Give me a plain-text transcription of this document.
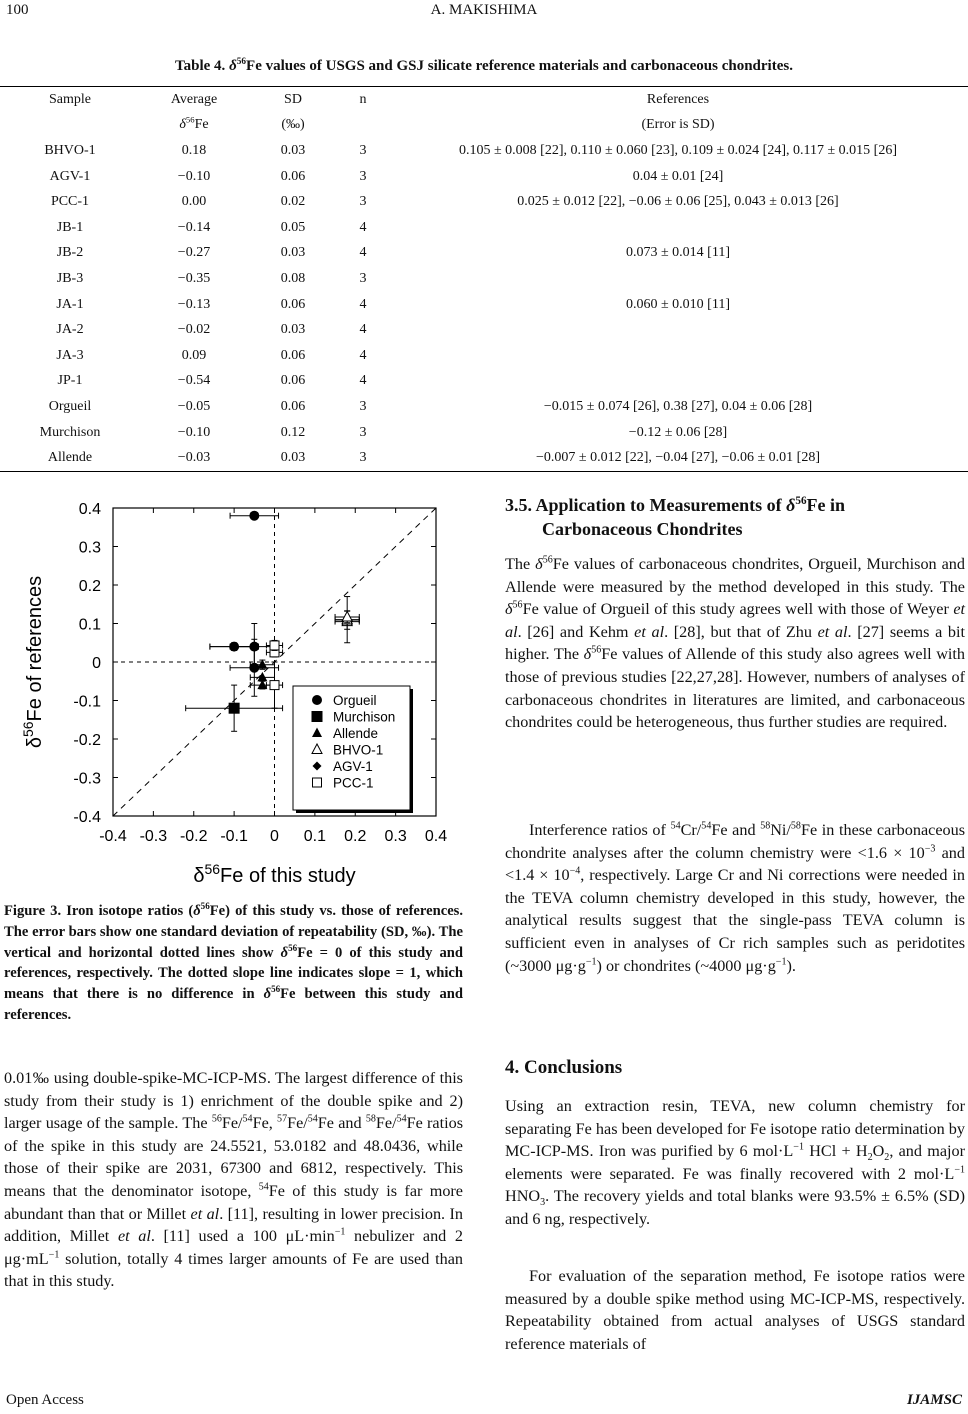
100	A. MAKISHIMA
Table 4. $\delta^{56}Fe$ values of USGS and GSJ silicate reference materials and carbonaceous chondrites.
Sample	Average	SD	n	References
	$\delta^{56}Fe$	(‰)		(Error is SD)
BHVO-1	0.18	0.03	3	0.105 ± 0.008 [22], 0.110 ± 0.060 [23], 0.109 ± 0.024 [24], 0.117 ± 0.015 [26]
AGV-1	−0.10	0.06	3	0.04 ± 0.01 [24]
PCC-1	0.00	0.02	3	0.025 ± 0.012 [22], −0.06 ± 0.06 [25], 0.043 ± 0.013 [26]
JB-1	−0.14	0.05	4	
JB-2	−0.27	0.03	4	0.073 ± 0.014 [11]
JB-3	−0.35	0.08	3	
JA-1	−0.13	0.06	4	0.060 ± 0.010 [11]
JA-2	−0.02	0.03	4	
JA-3	0.09	0.06	4	
JP-1	−0.54	0.06	4	
Orgueil	−0.05	0.06	3	−0.015 ± 0.074 [26], 0.38 [27], 0.04 ± 0.06 [28]
Murchison	−0.10	0.12	3	−0.12 ± 0.06 [28]
Allende	−0.03	0.03	3	−0.007 ± 0.012 [22], −0.04 [27], −0.06 ± 0.01 [28]
-0.4 -0.3 -0.2 -0.1 0 0.1 0.2 0.3 0.4
0.4
0.3
0.2
0.1
0
-0.1
-0.2
-0.3
-0.4
Orgueil
Murchison
Allende
BHVO-1
AGV-1
PCC-1
$\delta^{56}Fe$ of this study
$\delta^{56}Fe$ of references
Figure 3. Iron isotope ratios $(\delta^{56}Fe)$ of this study vs. those of references. The error bars show one standard deviation of repeatability (SD, ‰). The vertical and horizontal dotted lines show $\delta^{56}Fe = 0$ of this study and references, respectively. The dotted slope line indicates slope = 1, which means that there is no difference in $\delta^{56}Fe$ between this study and references.
0.01‰ using double-spike-MC-ICP-MS. The largest difference of this study from their study is 1) enrichment of the double spike and 2) larger usage of the sample. The $^{56}$Fe/$^{54}$Fe, $^{57}$Fe/$^{54}$Fe and $^{58}$Fe/$^{54}$Fe ratios of the spike in this study are 24.5521, 53.0182 and 48.0436, while those of their spike are 2031, 67300 and 6812, respectively. This means that the denominator isotope, $^{54}$Fe of this study is far more abundant than that or Millet et al. [11], resulting in lower precision. In addition, Millet et al. [11] used a 100 $\mu L\cdot\min^{-1}$ nebulizer and 2 $\mu g\cdot mL^{-1}$ solution, totally 4 times larger amounts of Fe are used than that in this study.
3.5. Application to Measurements of $\delta^{56}Fe$ in
Carbonaceous Chondrites
The $\delta^{56}Fe$ values of carbonaceous chondrites, Orgueil, Murchison and Allende were measured by the method developed in this study. The $\delta^{56}Fe$ value of Orgueil of this study agrees well with those of Weyer et al. [26] and Kehm et al. [28], but that of Zhu et al. [27] seems a bit higher. The $\delta^{56}Fe$ values of Allende of this study also agrees well with those of previous studies [22,27,28]. However, numbers of analyses of carbonaceous chondrites in literatures are limited, and carbonaceous chondrites could be heterogeneous, thus further studies are required.
Interference ratios of $^{54}$Cr/$^{54}$Fe and $^{58}$Ni/$^{58}$Fe in these carbonaceous chondrite analyses after the column chemistry were $<1.6 \times 10^{-3}$ and $<1.4 \times 10^{-4}$, respectively. Large Cr and Ni corrections were needed in the TEVA column chemistry developed in this study, however, the analytical results suggest that the single-pass TEVA column is sufficient even in analyses of Cr rich samples such as peridotites (~3000 $\mu g\cdot g^{-1}$) or chondrites (~4000 $\mu g\cdot g^{-1}$).
4. Conclusions
Using an extraction resin, TEVA, new column chemistry for separating Fe has been developed for Fe isotope ratio determination by MC-ICP-MS. Iron was purified by 6 $mol\cdot L^{-1}$ HCl + $H_2O_2$, and major elements were separated. Fe was finally recovered with 2 $mol\cdot L^{-1}$ $HNO_3$. The recovery yields and total blanks were 93.5% ± 6.5% (SD) and 6 ng, respectively.
For evaluation of the separation method, Fe isotope ratios were measured by a double spike method using MC-ICP-MS, respectively. Repeatability obtained from actual analyses of USGS standard reference materials of
Open Access	IJAMSC
